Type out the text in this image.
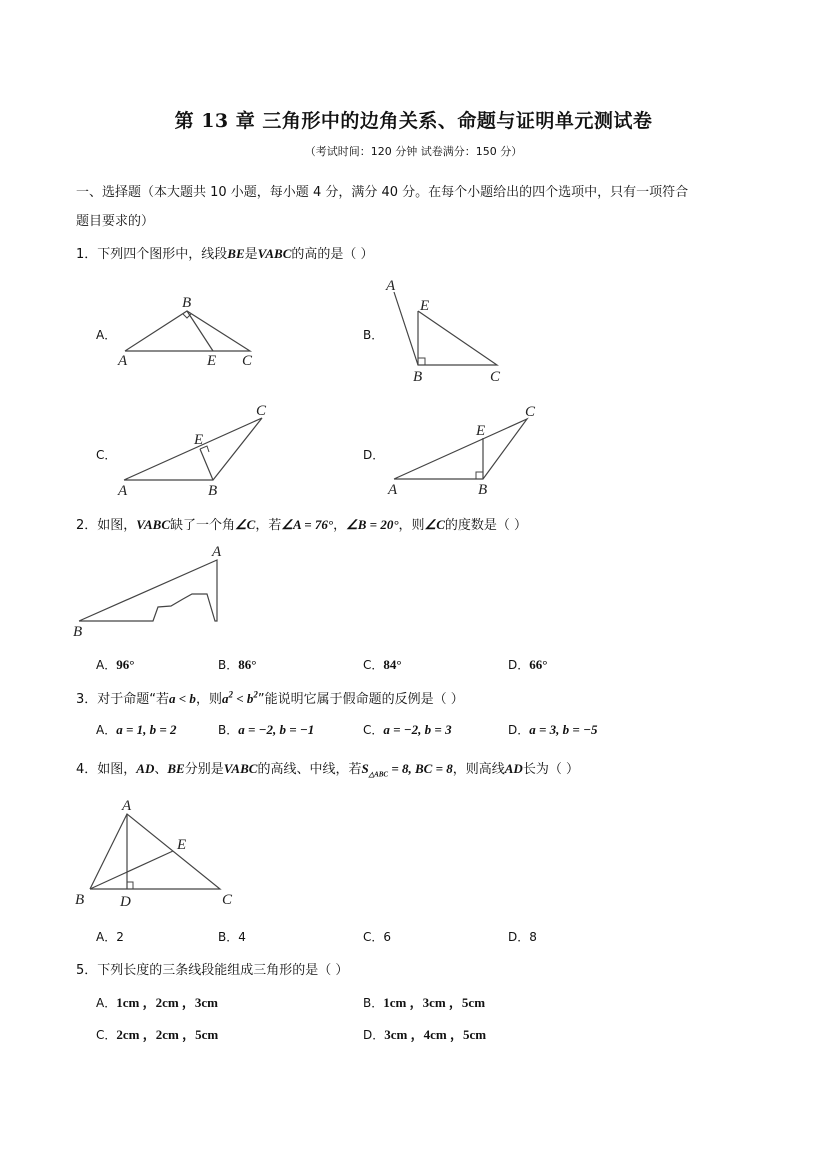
第 13 章 三角形中的边角关系、命题与证明单元测试卷
（考试时间：120 分钟 试卷满分：150 分）
一、选择题（本大题共 10 小题，每小题 4 分，满分 40 分。在每个小题给出的四个选项中，只有一项符合
题目要求的）
1．下列四个图形中，线段BE是VABC的高的是（ ）
A．
B
A	E C
B．
A
E
B	C
C．
A	B
C
E
D．
A	B
C
E
2．如图，VABC缺了一个角∠C，若∠A = 76°，∠B = 20°，则∠C的度数是（ ）
A
B
A．96°	B．86°	C．84°	D．66°
3．对于命题“若a < b，则$a^2 < b^2$”能说明它属于假命题的反例是（ ）
A．a = 1, b = 2	B．a = −2, b = −1	C．a = −2, b = 3	D．a = 3, b = −5
4．如图，AD、BE分别是VABC的高线、中线，若$S_{\triangle ABC} = 8$, BC = 8，则高线AD长为（ ）
A
E
B D	C
A．2	B．4	C．6	D．8
5．下列长度的三条线段能组成三角形的是（ ）
A．1cm ，2cm ，3cm	B．1cm ，3cm ，5cm
C．2cm ，2cm ，5cm	D．3cm ，4cm ，5cm
